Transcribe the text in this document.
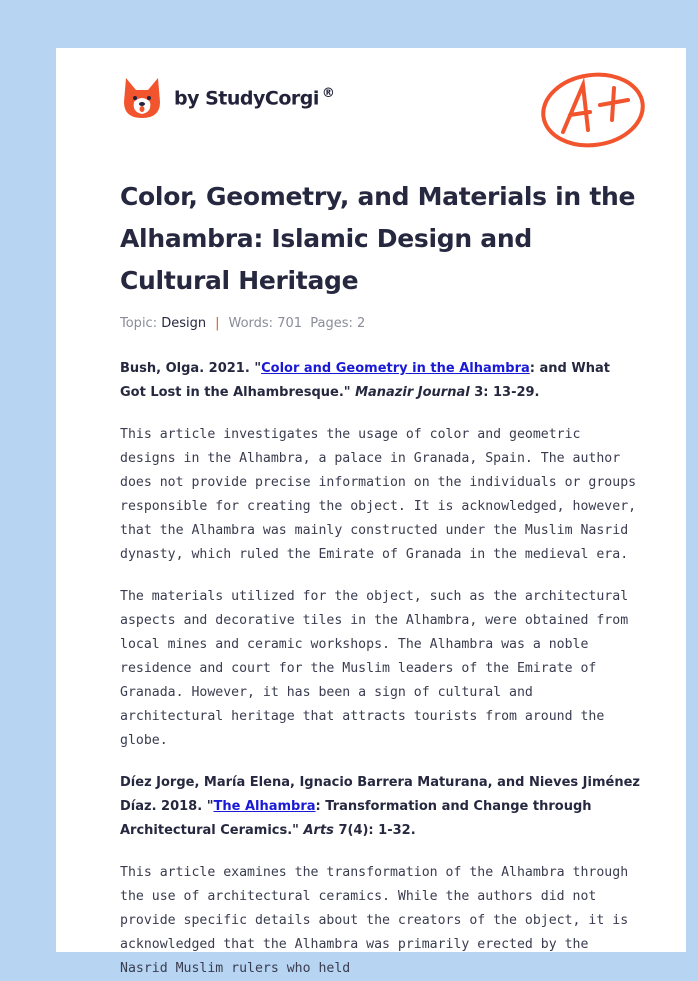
by StudyCorgi ®
Color, Geometry, and Materials in the Alhambra: Islamic Design and Cultural Heritage
Topic: Design | Words: 701 Pages: 2
Bush, Olga. 2021. "Color and Geometry in the Alhambra: and What Got Lost in the Alhambresque." Manazir Journal 3: 13-29.

This article investigates the usage of color and geometric designs in the Alhambra, a palace in Granada, Spain. The author does not provide precise information on the individuals or groups responsible for creating the object. It is acknowledged, however, that the Alhambra was mainly constructed under the Muslim Nasrid dynasty, which ruled the Emirate of Granada in the medieval era.

The materials utilized for the object, such as the architectural aspects and decorative tiles in the Alhambra, were obtained from local mines and ceramic workshops. The Alhambra was a noble residence and court for the Muslim leaders of the Emirate of Granada. However, it has been a sign of cultural and architectural heritage that attracts tourists from around the globe.

Díez Jorge, María Elena, Ignacio Barrera Maturana, and Nieves Jiménez Díaz. 2018. "The Alhambra: Transformation and Change through Architectural Ceramics." Arts 7(4): 1-32.

This article examines the transformation of the Alhambra through the use of architectural ceramics. While the authors did not provide specific details about the creators of the object, it is acknowledged that the Alhambra was primarily erected by the Nasrid Muslim rulers who held
